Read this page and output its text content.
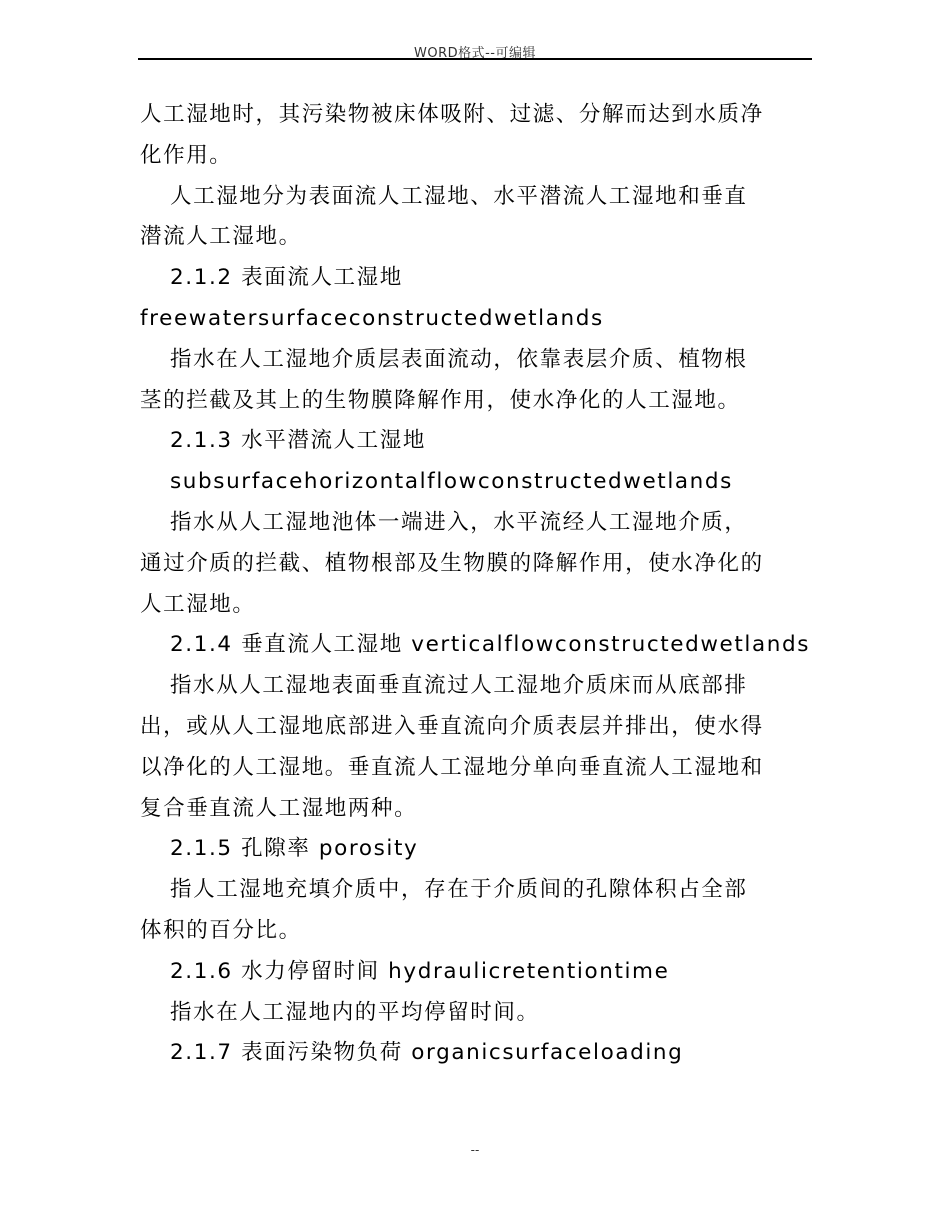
WORD格式--可编辑
人工湿地时，其污染物被床体吸附、过滤、分解而达到水质净
化作用。
人工湿地分为表面流人工湿地、水平潜流人工湿地和垂直
潜流人工湿地。
2.1.2 表面流人工湿地
freewatersurfaceconstructedwetlands
指水在人工湿地介质层表面流动，依靠表层介质、植物根
茎的拦截及其上的生物膜降解作用，使水净化的人工湿地。
2.1.3 水平潜流人工湿地
subsurfacehorizontalflowconstructedwetlands
指水从人工湿地池体一端进入，水平流经人工湿地介质，
通过介质的拦截、植物根部及生物膜的降解作用，使水净化的
人工湿地。
2.1.4 垂直流人工湿地 verticalflowconstructedwetlands
指水从人工湿地表面垂直流过人工湿地介质床而从底部排
出，或从人工湿地底部进入垂直流向介质表层并排出，使水得
以净化的人工湿地。垂直流人工湿地分单向垂直流人工湿地和
复合垂直流人工湿地两种。
2.1.5 孔隙率 porosity
指人工湿地充填介质中，存在于介质间的孔隙体积占全部
体积的百分比。
2.1.6 水力停留时间 hydraulicretentiontime
指水在人工湿地内的平均停留时间。
2.1.7 表面污染物负荷 organicsurfaceloading
--
